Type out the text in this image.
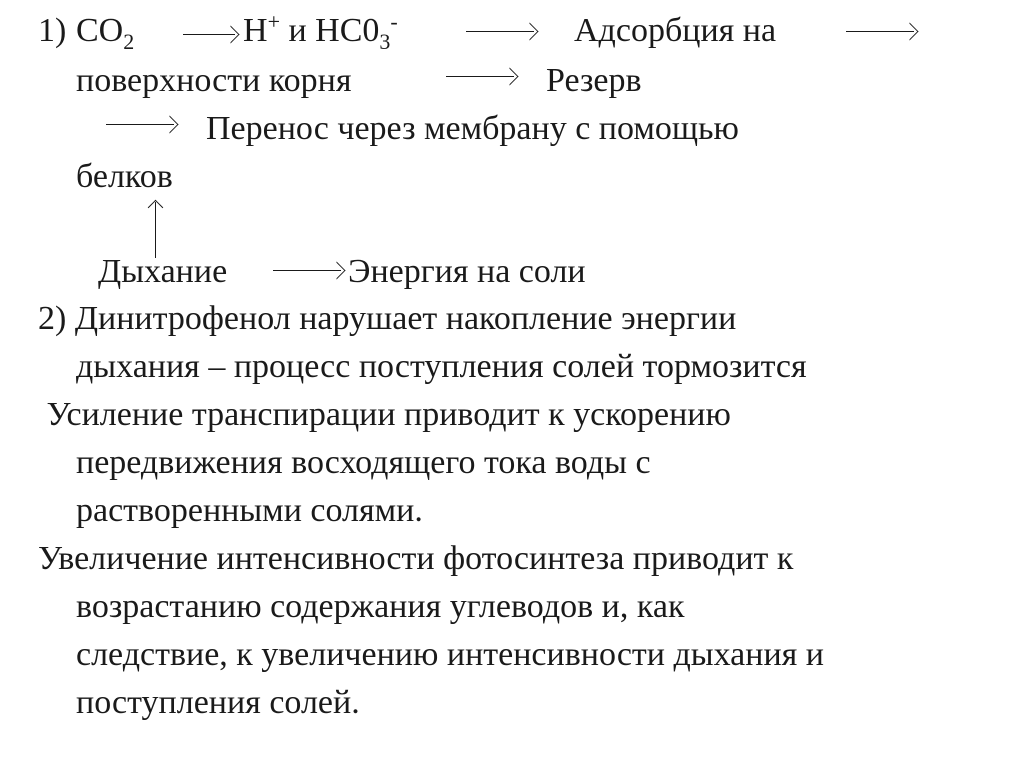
1) $CO_2$	H+ и $HC0_3^-$	Адсорбция на
поверхности корня	Резерв
Перенос через мембрану с помощью
белков
Дыхание	Энергия на соли
2) Динитрофенол нарушает накопление энергии
дыхания – процесс поступления солей тормозится
Усиление транспирации приводит к ускорению
передвижения восходящего тока воды с
растворенными солями.
Увеличение интенсивности фотосинтеза приводит к
возрастанию содержания углеводов и, как
следствие, к увеличению интенсивности дыхания и
поступления солей.
